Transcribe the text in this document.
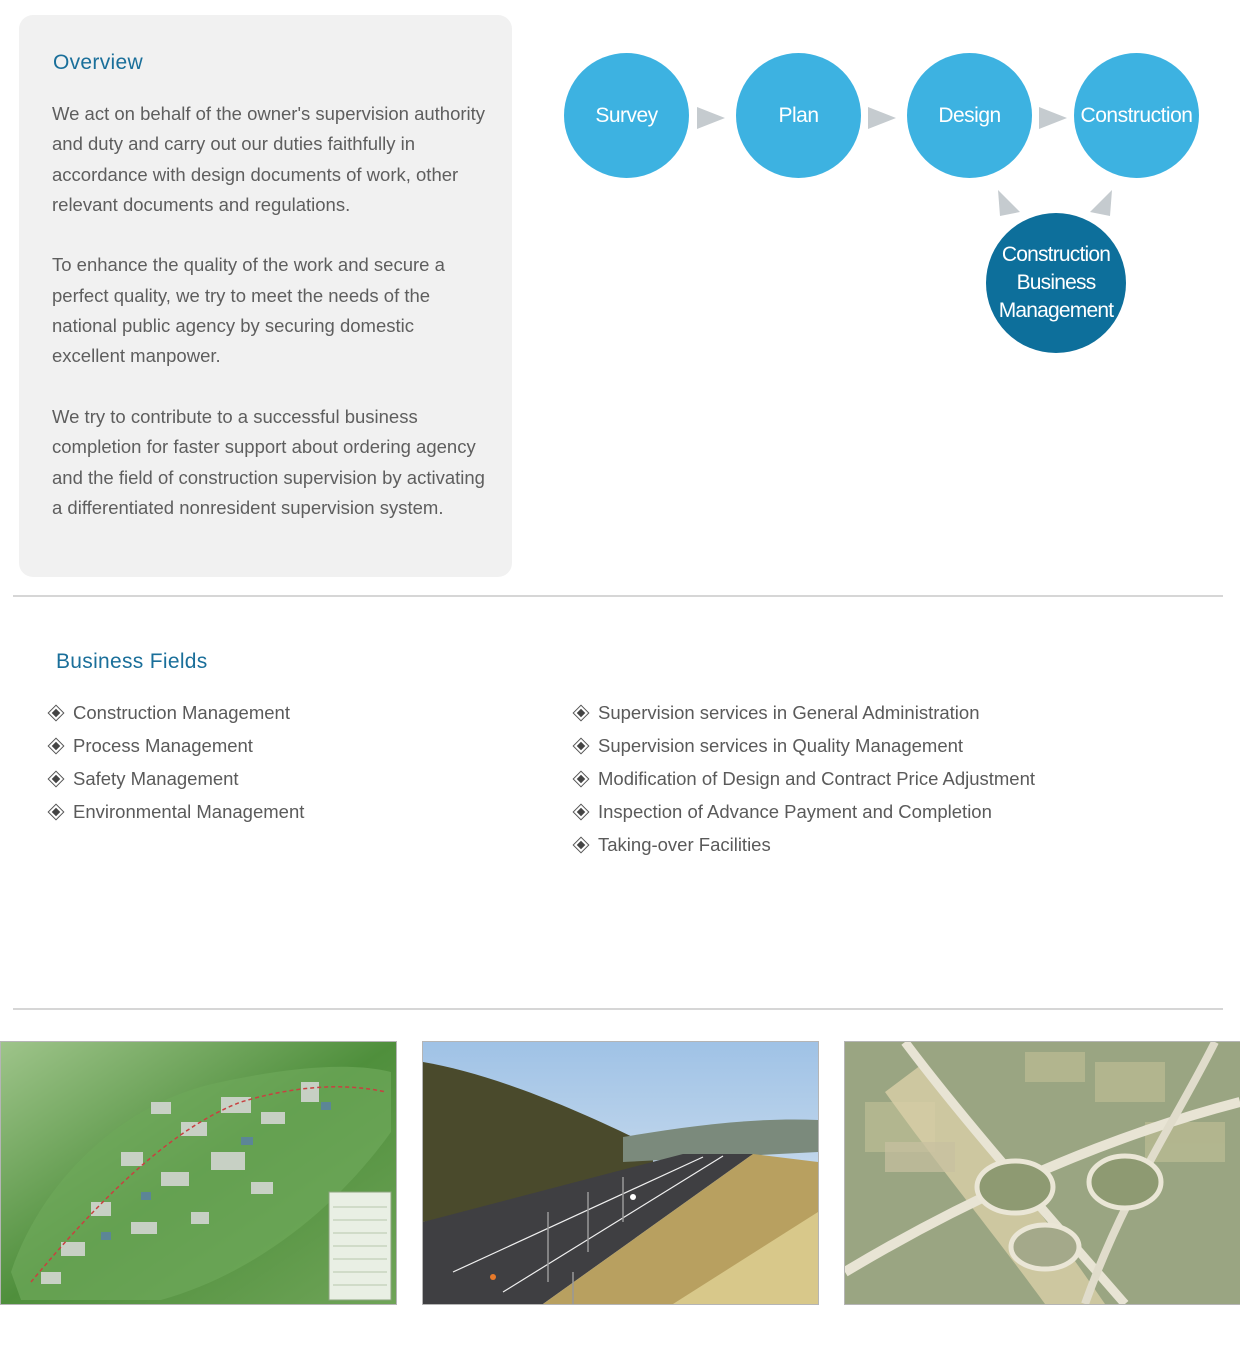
Overview

We act on behalf of the owner's supervision authority and duty and carry out our duties faithfully in accordance with design documents of work, other relevant documents and regulations.

To enhance the quality of the work and secure a perfect quality, we try to meet the needs of the national public agency by securing domestic excellent manpower.

We try to contribute to a successful business completion for faster support about ordering agency and the field of construction supervision by activating a differentiated nonresident supervision system.

Survey	Plan	Design	Construction
Construction Business Management
Business Fields
Construction Management
Process Management
Safety Management
Environmental Management
Supervision services in General Administration
Supervision services in Quality Management
Modification of Design and Contract Price Adjustment
Inspection of Advance Payment and Completion
Taking-over Facilities
